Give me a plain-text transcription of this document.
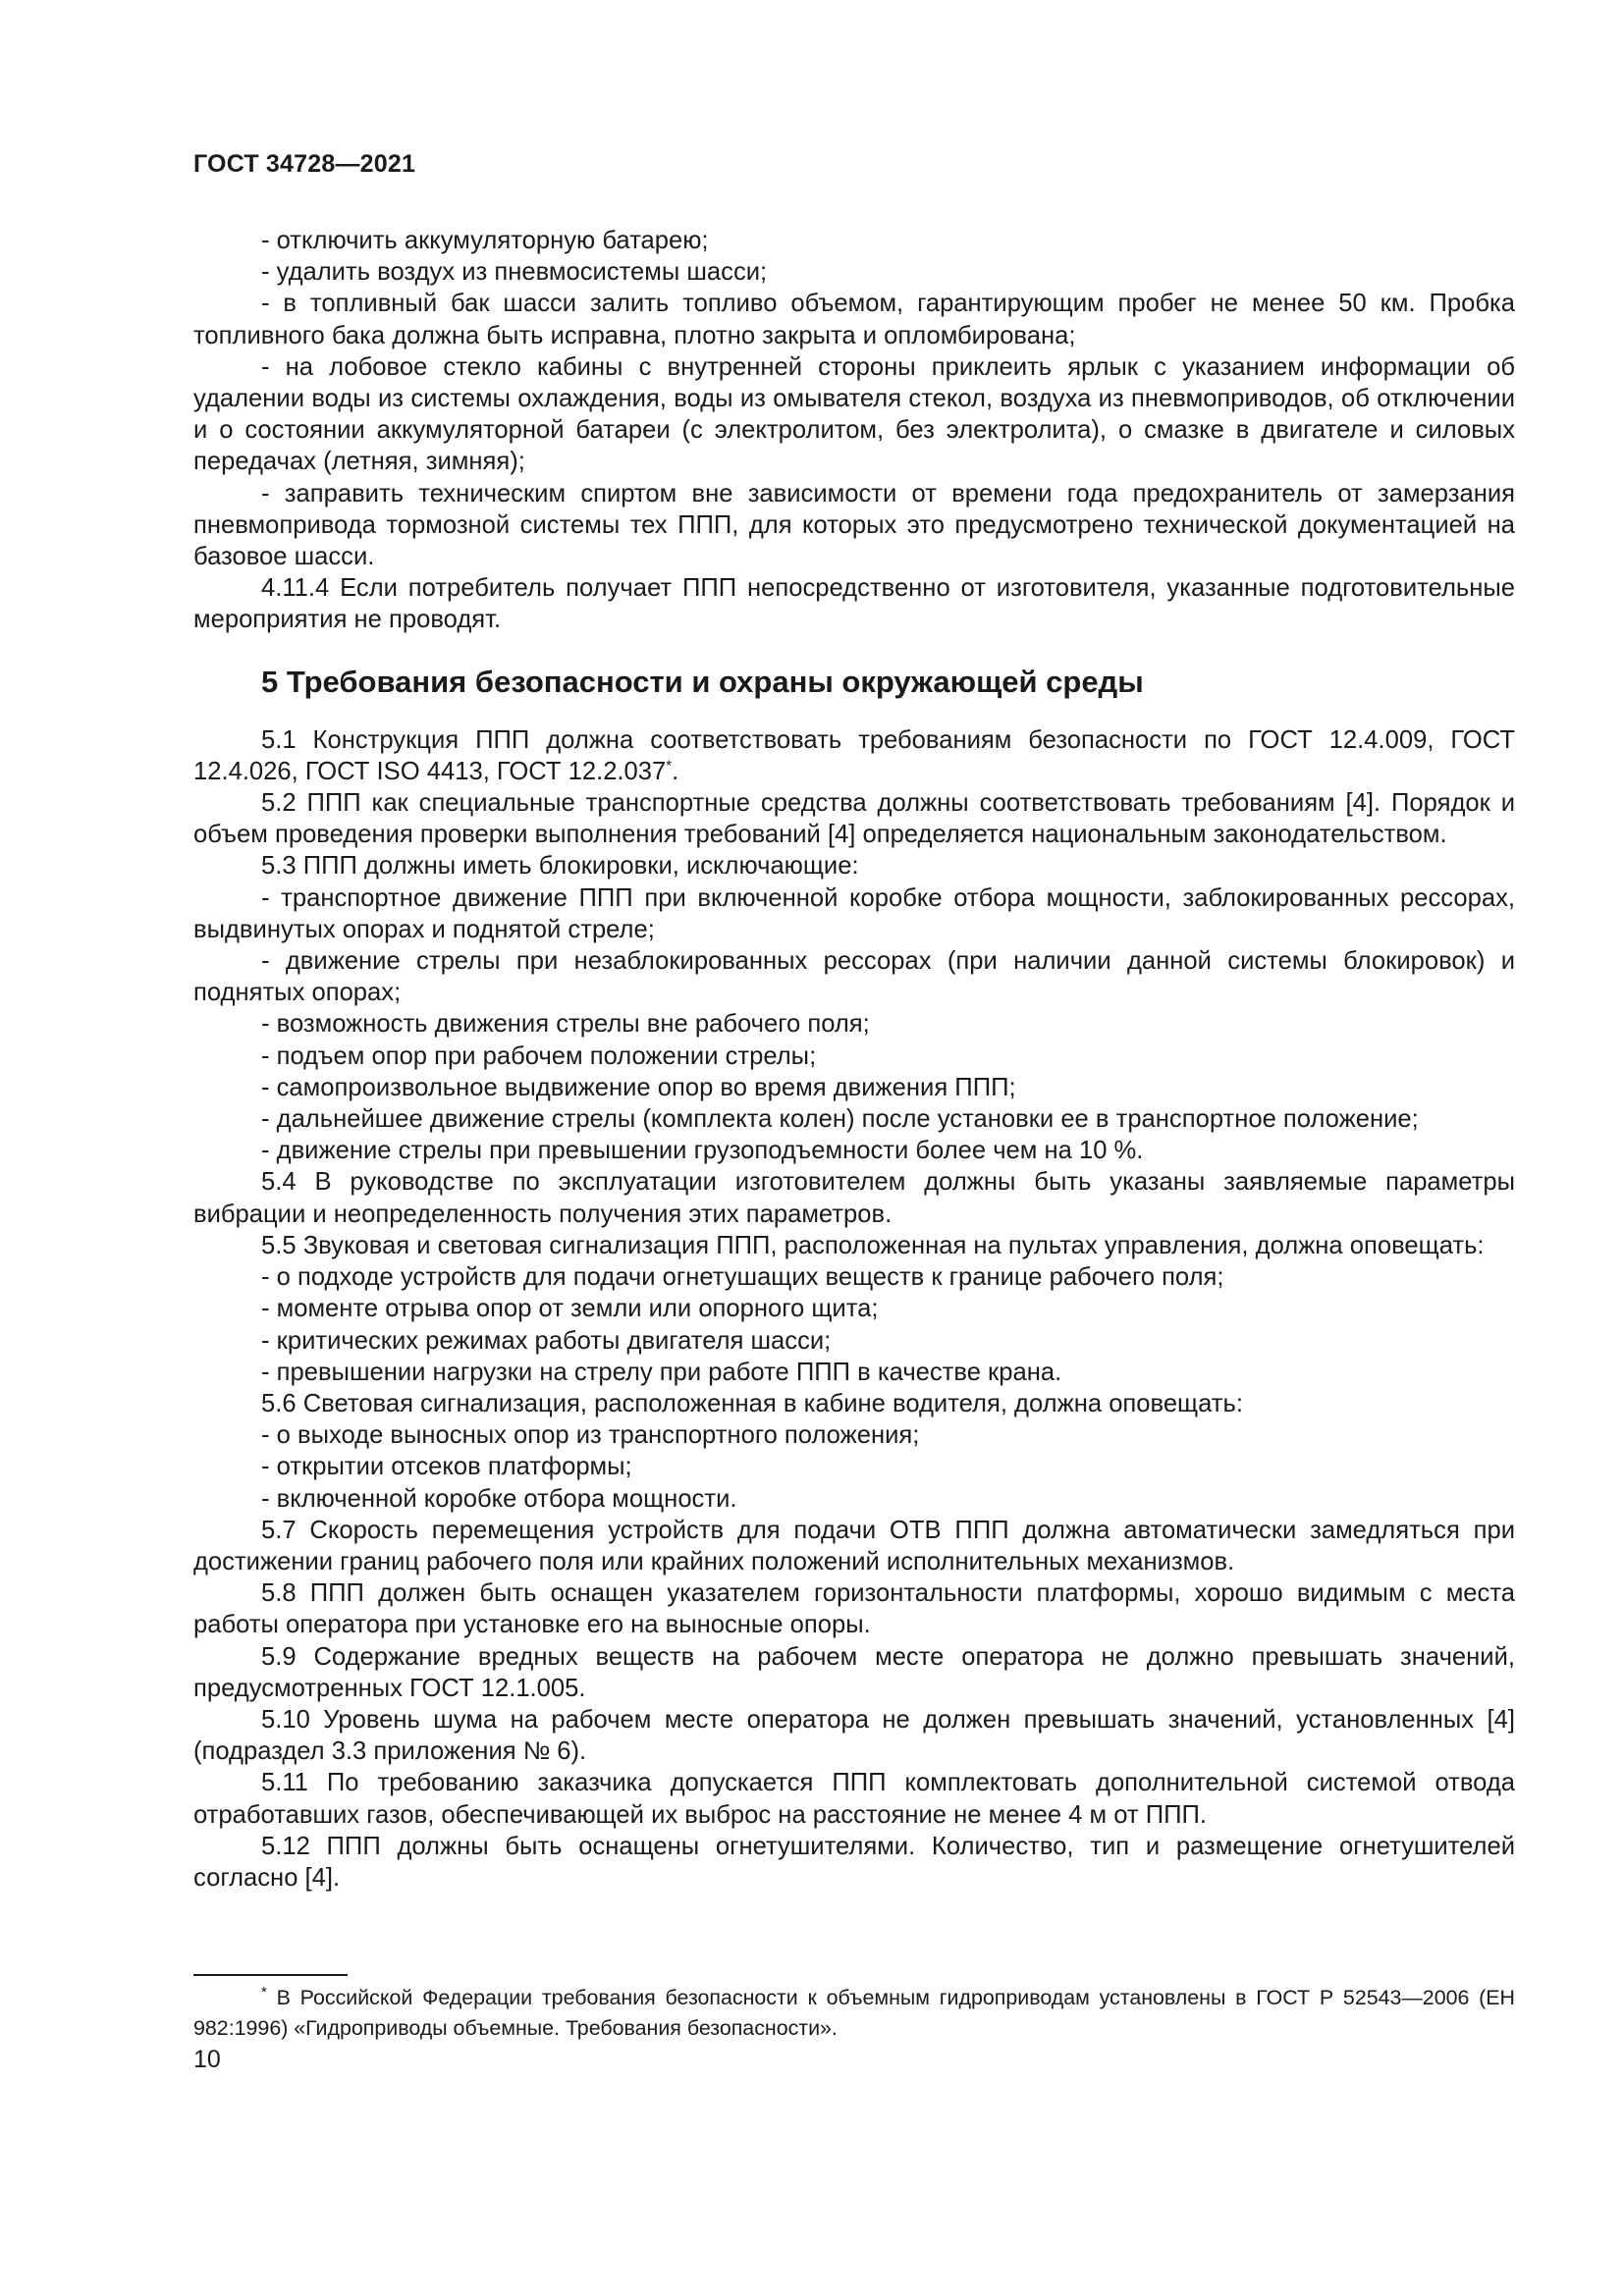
ГОСТ 34728—2021

- отключить аккумуляторную батарею;

- удалить воздух из пневмосистемы шасси;

- в топливный бак шасси залить топливо объемом, гарантирующим пробег не менее 50 км. Пробка топливного бака должна быть исправна, плотно закрыта и опломбирована;

- на лобовое стекло кабины с внутренней стороны приклеить ярлык с указанием информации об удалении воды из системы охлаждения, воды из омывателя стекол, воздуха из пневмоприводов, об отключении и о состоянии аккумуляторной батареи (с электролитом, без электролита), о смазке в двигателе и силовых передачах (летняя, зимняя);

- заправить техническим спиртом вне зависимости от времени года предохранитель от замерзания пневмопривода тормозной системы тех ППП, для которых это предусмотрено технической документацией на базовое шасси.

4.11.4 Если потребитель получает ППП непосредственно от изготовителя, указанные подготовительные мероприятия не проводят.

5 Требования безопасности и охраны окружающей среды

5.1 Конструкция ППП должна соответствовать требованиям безопасности по ГОСТ 12.4.009, ГОСТ 12.4.026, ГОСТ ISO 4413, ГОСТ 12.2.037*.

5.2 ППП как специальные транспортные средства должны соответствовать требованиям [4]. Порядок и объем проведения проверки выполнения требований [4] определяется национальным законодательством.

5.3 ППП должны иметь блокировки, исключающие:

- транспортное движение ППП при включенной коробке отбора мощности, заблокированных рессорах, выдвинутых опорах и поднятой стреле;

- движение стрелы при незаблокированных рессорах (при наличии данной системы блокировок) и поднятых опорах;

- возможность движения стрелы вне рабочего поля;

- подъем опор при рабочем положении стрелы;

- самопроизвольное выдвижение опор во время движения ППП;

- дальнейшее движение стрелы (комплекта колен) после установки ее в транспортное положение;

- движение стрелы при превышении грузоподъемности более чем на 10 %.

5.4 В руководстве по эксплуатации изготовителем должны быть указаны заявляемые параметры вибрации и неопределенность получения этих параметров.

5.5 Звуковая и световая сигнализация ППП, расположенная на пультах управления, должна оповещать:

- о подходе устройств для подачи огнетушащих веществ к границе рабочего поля;

- моменте отрыва опор от земли или опорного щита;

- критических режимах работы двигателя шасси;

- превышении нагрузки на стрелу при работе ППП в качестве крана.

5.6 Световая сигнализация, расположенная в кабине водителя, должна оповещать:

- о выходе выносных опор из транспортного положения;

- открытии отсеков платформы;

- включенной коробке отбора мощности.

5.7 Скорость перемещения устройств для подачи ОТВ ППП должна автоматически замедляться при достижении границ рабочего поля или крайних положений исполнительных механизмов.

5.8 ППП должен быть оснащен указателем горизонтальности платформы, хорошо видимым с места работы оператора при установке его на выносные опоры.

5.9 Содержание вредных веществ на рабочем месте оператора не должно превышать значений, предусмотренных ГОСТ 12.1.005.

5.10 Уровень шума на рабочем месте оператора не должен превышать значений, установленных [4] (подраздел 3.3 приложения № 6).

5.11 По требованию заказчика допускается ППП комплектовать дополнительной системой отвода отработавших газов, обеспечивающей их выброс на расстояние не менее 4 м от ППП.

5.12 ППП должны быть оснащены огнетушителями. Количество, тип и размещение огнетушителей согласно [4].

* В Российской Федерации требования безопасности к объемным гидроприводам установлены в ГОСТ Р 52543—2006 (ЕН 982:1996) «Гидроприводы объемные. Требования безопасности».

10
